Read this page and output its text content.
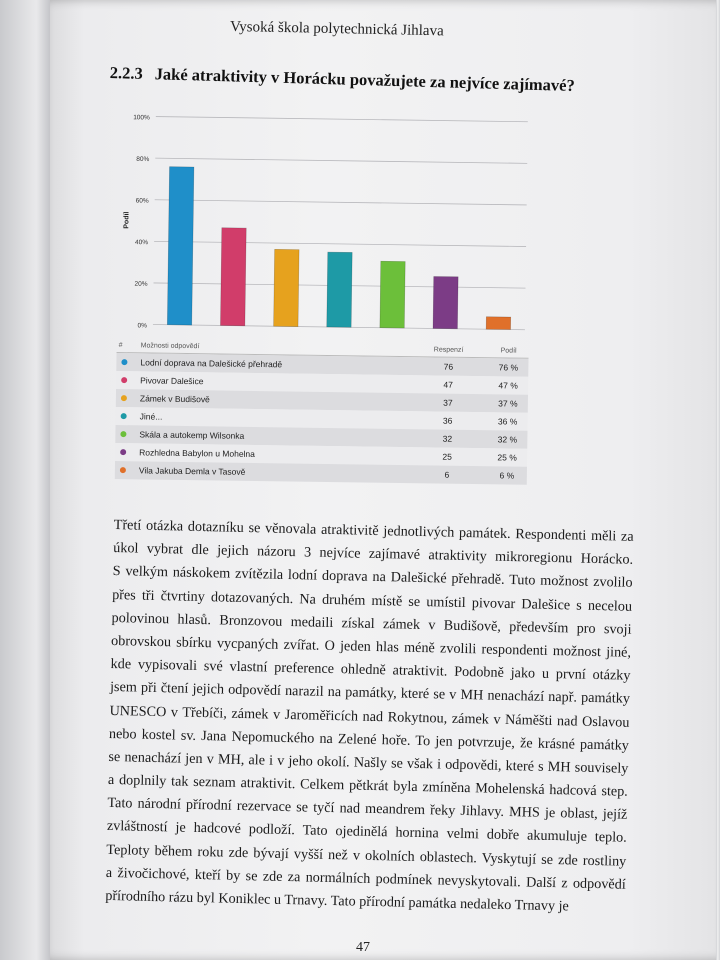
Vysoká škola polytechnická Jihlava
2.2.3 Jaké atraktivity v Horácku považujete za nejvíce zajímavé?
0%
20%
40%
60%
80%
100%
Podíl
#	Možnosti odpovědí	Respenzí	Podíl
Lodní doprava na Dalešické přehradě	76	76 %
Pivovar Dalešice	47	47 %
Zámek v Budišově	37	37 %
Jiné...	36	36 %
Skála a autokemp Wilsonka	32	32 %
Rozhledna Babylon u Mohelna	25	25 %
Vila Jakuba Demla v Tasově	6	6 %
Třetí otázka dotazníku se věnovala atraktivitě jednotlivých památek. Respondenti měli za
úkol vybrat dle jejich názoru 3 nejvíce zajímavé atraktivity mikroregionu Horácko.
S velkým náskokem zvítězila lodní doprava na Dalešické přehradě. Tuto možnost zvolilo
přes tři čtvrtiny dotazovaných. Na druhém místě se umístil pivovar Dalešice s necelou
polovinou hlasů. Bronzovou medaili získal zámek v Budišově, především pro svoji
obrovskou sbírku vycpaných zvířat. O jeden hlas méně zvolili respondenti možnost jiné,
kde vypisovali své vlastní preference ohledně atraktivit. Podobně jako u první otázky
jsem při čtení jejich odpovědí narazil na památky, které se v MH nenachází např. památky
UNESCO v Třebíči, zámek v Jaroměřicích nad Rokytnou, zámek v Náměšti nad Oslavou
nebo kostel sv. Jana Nepomuckého na Zelené hoře. To jen potvrzuje, že krásné památky
se nenachází jen v MH, ale i v jeho okolí. Našly se však i odpovědi, které s MH souvisely
a doplnily tak seznam atraktivit. Celkem pětkrát byla zmíněna Mohelenská hadcová step.
Tato národní přírodní rezervace se tyčí nad meandrem řeky Jihlavy. MHS je oblast, jejíž
zvláštností je hadcové podloží. Tato ojedinělá hornina velmi dobře akumuluje teplo.
Teploty během roku zde bývají vyšší než v okolních oblastech. Vyskytují se zde rostliny
a živočichové, kteří by se zde za normálních podmínek nevyskytovali. Další z odpovědí
přírodního rázu byl Koniklec u Trnavy. Tato přírodní památka nedaleko Trnavy je
47
